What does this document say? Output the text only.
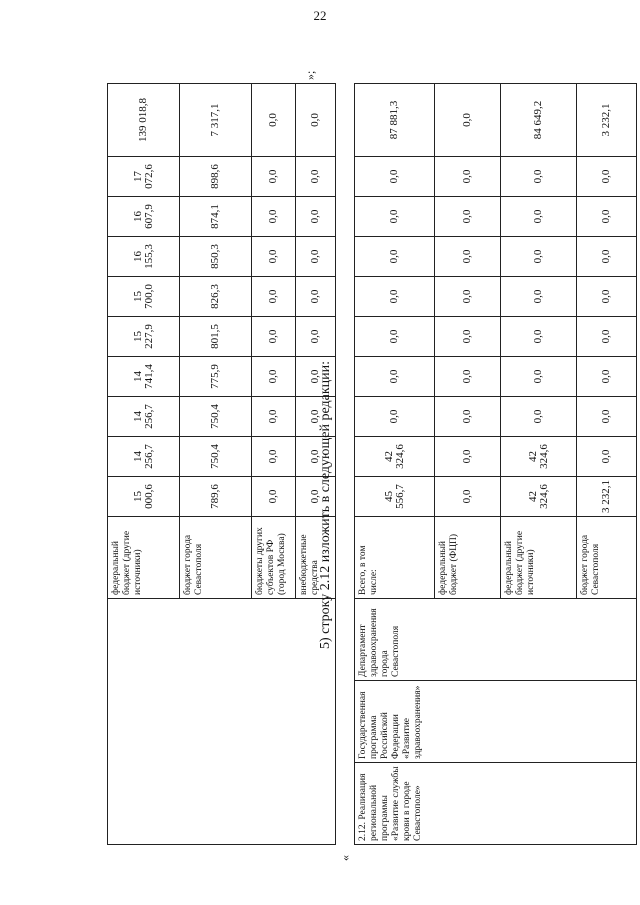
22
	федеральный бюджет (другие источники)	15 000,6	14 256,7	14 256,7	14 741,4	15 227,9	15 700,0	16 155,3	16 607,9	17 072,6	139 018,8
	бюджет города Севастополя	789,6	750,4	750,4	775,9	801,5	826,3	850,3	874,1	898,6	7 317,1
	бюджеты других субъектов РФ (город Москва)	0,0	0,0	0,0	0,0	0,0	0,0	0,0	0,0	0,0	0,0
	внебюджетные средства	0,0	0,0	0,0	0,0	0,0	0,0	0,0	0,0	0,0	0,0
»;
5) строку 2.12 изложить в следующей редакции:
«
2.12. Реализация региональной программы «Развитие службы крови в городе Севастополе»	Государственная программа Российской Федерации «Развитие здравоохранения»	Департамент здравоохранения города Севастополя	Всего, в том числе:	45 556,7	42 324,6	0,0	0,0	0,0	0,0	0,0	0,0	0,0	87 881,3
			федеральный бюджет (ФЦП)	0,0	0,0	0,0	0,0	0,0	0,0	0,0	0,0	0,0	0,0
			федеральный бюджет (другие источники)	42 324,6	42 324,6	0,0	0,0	0,0	0,0	0,0	0,0	0,0	84 649,2
			бюджет города Севастополя	3 232,1	0,0	0,0	0,0	0,0	0,0	0,0	0,0	0,0	3 232,1
